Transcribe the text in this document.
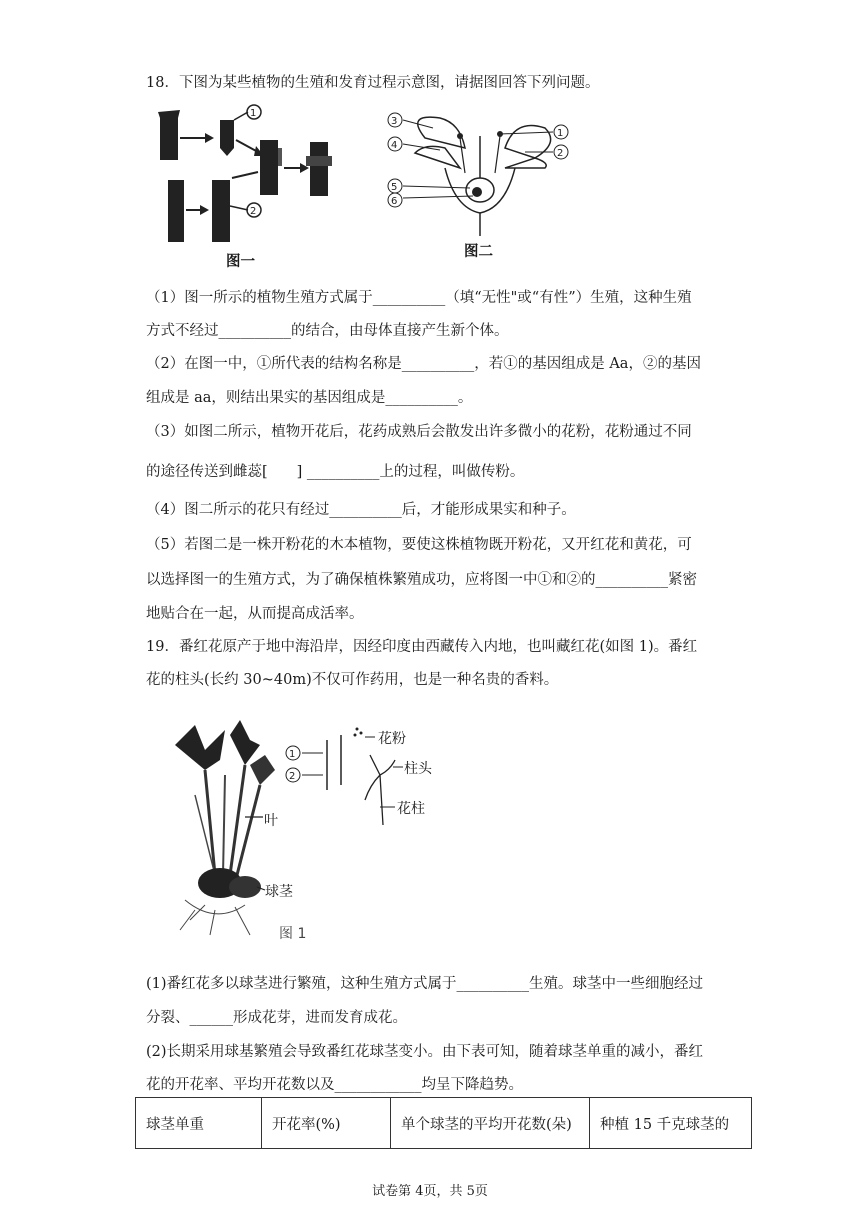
18．下图为某些植物的生殖和发育过程示意图，请据图回答下列问题。
1
2
图一
3
4
5
6
1
2
图二
（1）图一所示的植物生殖方式属于__________（填“无性"或“有性”）生殖，这种生殖
方式不经过__________的结合，由母体直接产生新个体。
（2）在图一中，①所代表的结构名称是__________，若①的基因组成是 Aa，②的基因
组成是 aa，则结出果实的基因组成是__________。
（3）如图二所示，植物开花后，花药成熟后会散发出许多微小的花粉，花粉通过不同
的途径传送到雌蕊[　　] __________上的过程，叫做传粉。
（4）图二所示的花只有经过__________后，才能形成果实和种子。
（5）若图二是一株开粉花的木本植物，要使这株植物既开粉花，又开红花和黄花，可
以选择图一的生殖方式，为了确保植株繁殖成功，应将图一中①和②的__________紧密
地贴合在一起，从而提高成活率。
19．番红花原产于地中海沿岸，因经印度由西藏传入内地，也叫藏红花(如图 1)。番红
花的柱头(长约 30~40m)不仅可作药用，也是一种名贵的香料。
1
2
花粉
柱头
花柱
叶
球茎
图 1
(1)番红花多以球茎进行繁殖，这种生殖方式属于__________生殖。球茎中一些细胞经过
分裂、______形成花芽，进而发育成花。
(2)长期采用球基繁殖会导致番红花球茎变小。由下表可知，随着球茎单重的减小，番红
花的开花率、平均开花数以及____________均呈下降趋势。
球茎单重	开花率(%)	单个球茎的平均开花数(朵)	种植 15 千克球茎的
试卷第 4页，共 5页
